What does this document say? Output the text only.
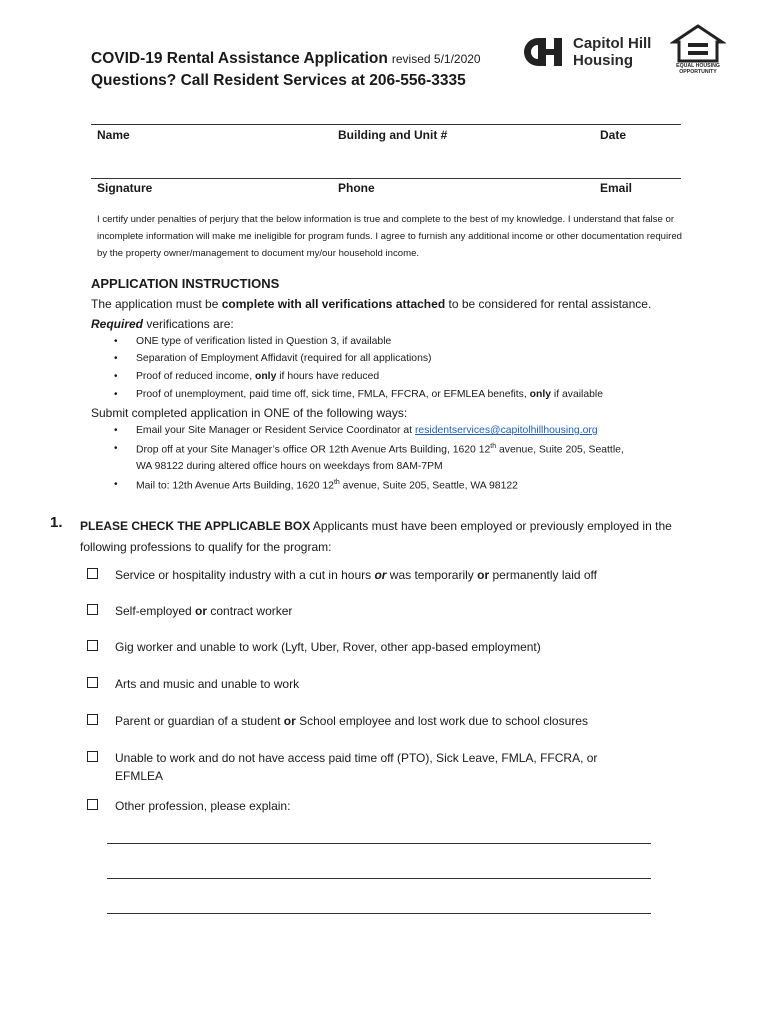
COVID-19 Rental Assistance Application revised 5/1/2020
Questions? Call Resident Services at 206-556-3335
Capitol Hill
Housing	EQUAL HOUSING OPPORTUNITY
Name	Building and Unit #	Date
Signature	Phone	Email
I certify under penalties of perjury that the below information is true and complete to the best of my knowledge. I understand that false or incomplete information will make me ineligible for program funds. I agree to furnish any additional income or other documentation required by the property owner/management to document my/our household income.
APPLICATION INSTRUCTIONS
The application must be complete with all verifications attached to be considered for rental assistance.
Required verifications are:
• ONE type of verification listed in Question 3, if available
• Separation of Employment Affidavit (required for all applications)
• Proof of reduced income, only if hours have reduced
• Proof of unemployment, paid time off, sick time, FMLA, FFCRA, or EFMLEA benefits, only if available
Submit completed application in ONE of the following ways:
• Email your Site Manager or Resident Service Coordinator at residentservices@capitolhillhousing.org
• Drop off at your Site Manager’s office OR 12th Avenue Arts Building, 1620 12th avenue, Suite 205, Seattle,
WA 98122 during altered office hours on weekdays from 8AM-7PM
• Mail to: 12th Avenue Arts Building, 1620 12th avenue, Suite 205, Seattle, WA 98122
1. PLEASE CHECK THE APPLICABLE BOX Applicants must have been employed or previously employed in the following professions to qualify for the program:
Service or hospitality industry with a cut in hours or was temporarily or permanently laid off
Self-employed or contract worker
Gig worker and unable to work (Lyft, Uber, Rover, other app-based employment)
Arts and music and unable to work
Parent or guardian of a student or School employee and lost work due to school closures
Unable to work and do not have access paid time off (PTO), Sick Leave, FMLA, FFCRA, or
EFMLEA
Other profession, please explain:
